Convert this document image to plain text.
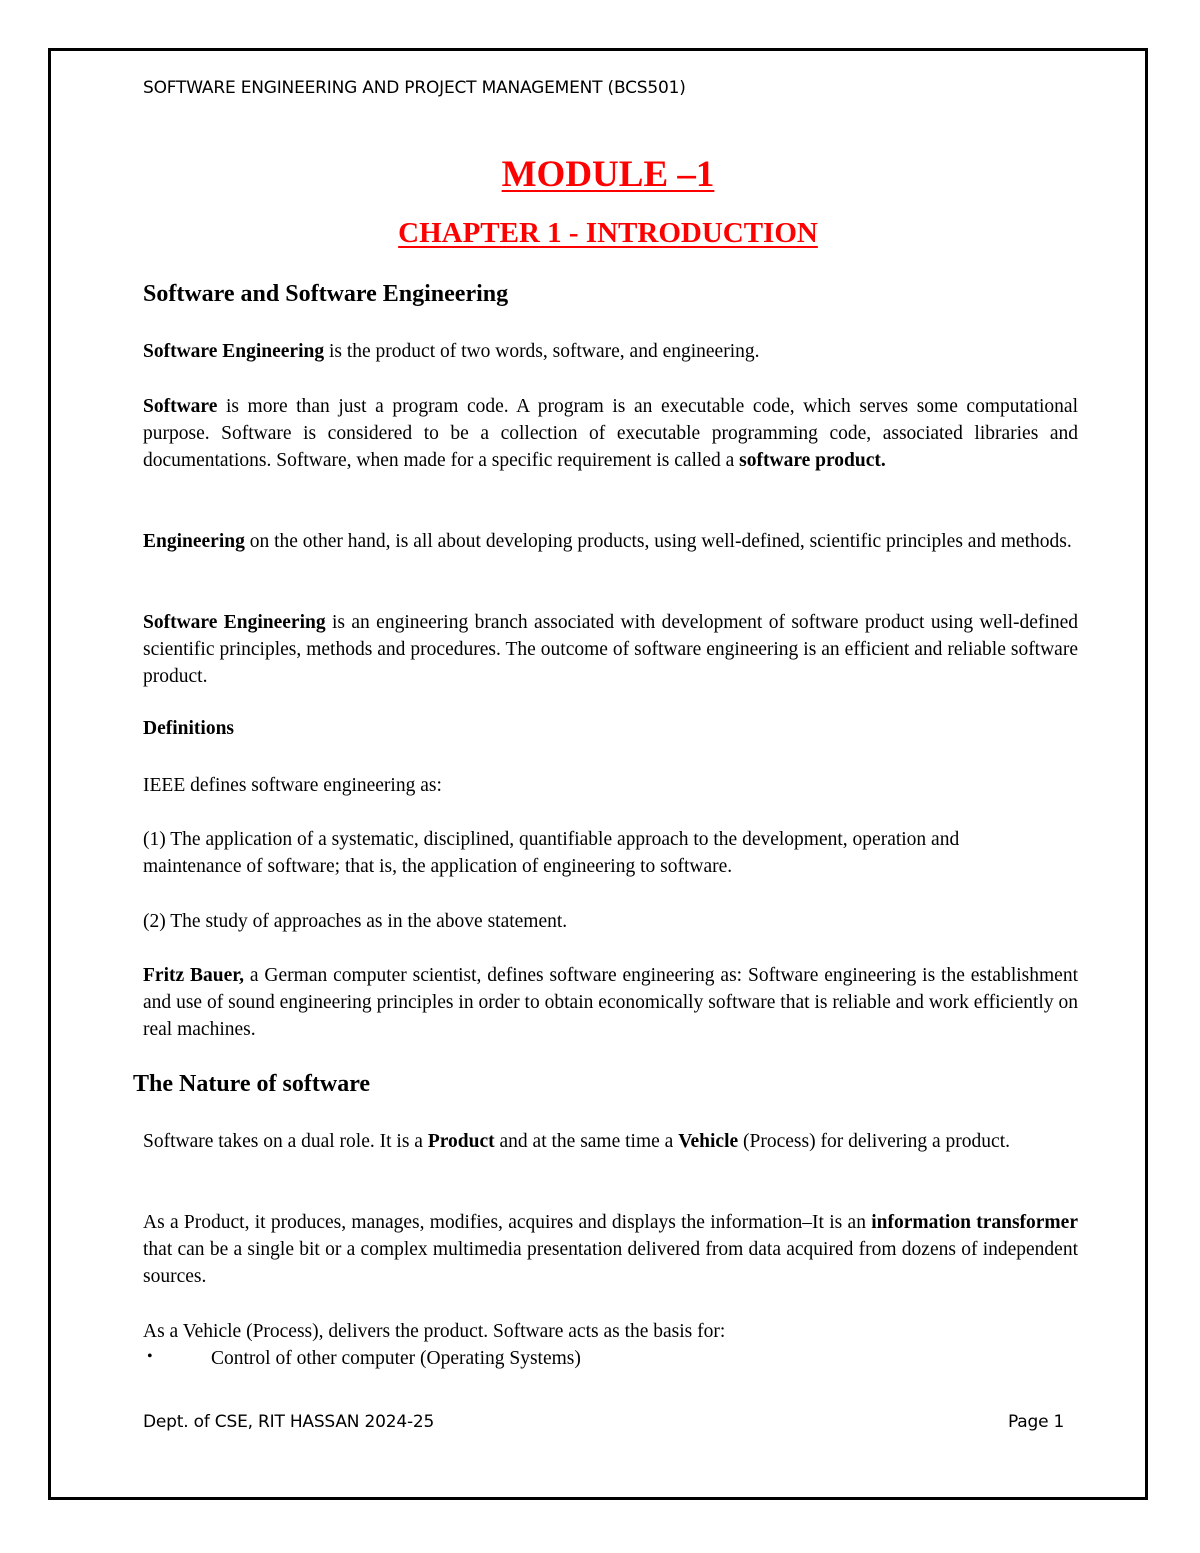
SOFTWARE ENGINEERING AND PROJECT MANAGEMENT (BCS501)
MODULE –1
CHAPTER 1 - INTRODUCTION
Software and Software Engineering

Software Engineering is the product of two words, software, and engineering.

Software is more than just a program code. A program is an executable code, which serves some computational purpose. Software is considered to be a collection of executable programming code, associated libraries and documentations. Software, when made for a specific requirement is called a software product.

Engineering on the other hand, is all about developing products, using well-defined, scientific principles and methods.

Software Engineering is an engineering branch associated with development of software product using well-defined scientific principles, methods and procedures. The outcome of software engineering is an efficient and reliable software product.

Definitions

IEEE defines software engineering as:

(1) The application of a systematic, disciplined, quantifiable approach to the development, operation and maintenance of software; that is, the application of engineering to software.

(2) The study of approaches as in the above statement.

Fritz Bauer, a German computer scientist, defines software engineering as: Software engineering is the establishment and use of sound engineering principles in order to obtain economically software that is reliable and work efficiently on real machines.

The Nature of software

Software takes on a dual role. It is a Product and at the same time a Vehicle (Process) for delivering a product.

As a Product, it produces, manages, modifies, acquires and displays the information–It is an information transformer that can be a single bit or a complex multimedia presentation delivered from data acquired from dozens of independent sources.

As a Vehicle (Process), delivers the product. Software acts as the basis for:

•	Control of other computer (Operating Systems)
Dept. of CSE, RIT HASSAN 2024-25	Page 1
